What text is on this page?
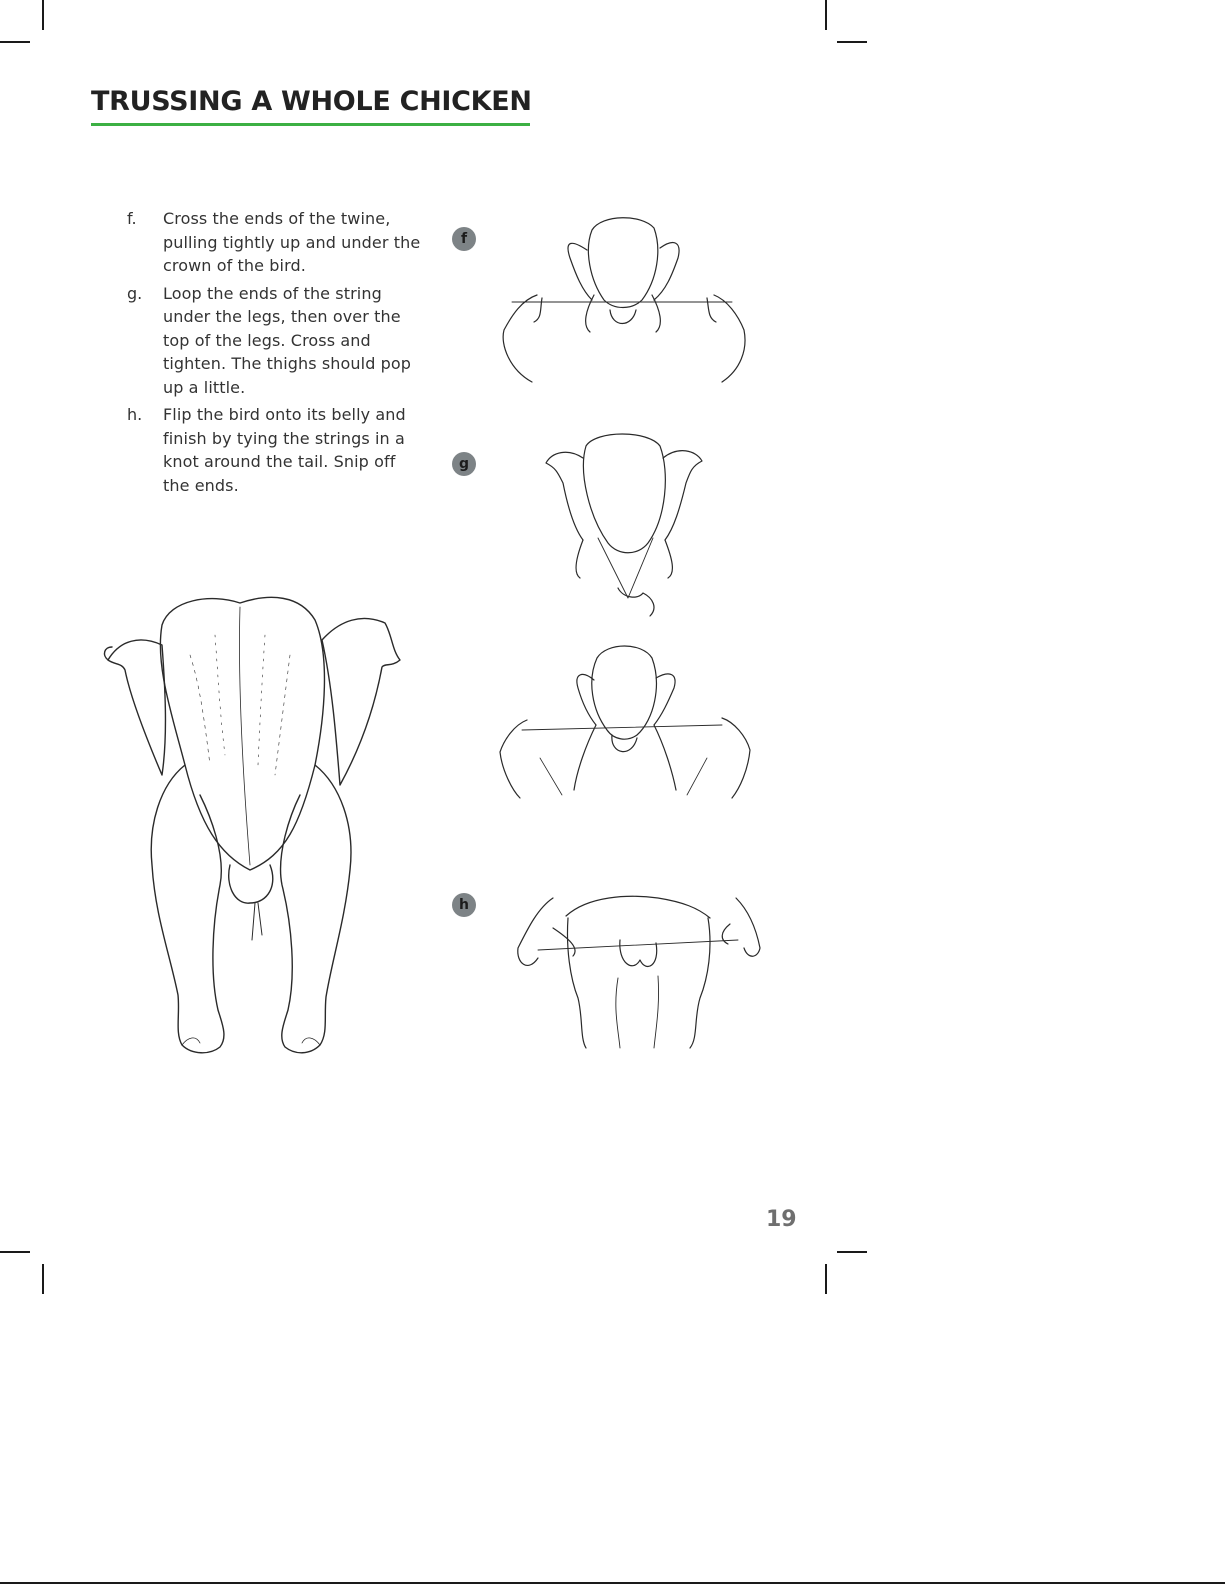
TRUSSING A WHOLE CHICKEN
f.	Cross the ends of the twine, pulling tightly up and under the crown of the bird.
g.	Loop the ends of the string under the legs, then over the top of the legs. Cross and tighten. The thighs should pop up a little.
h.	Flip the bird onto its belly and finish by tying the strings in a knot around the tail. Snip off the ends.
f
g
h
19
